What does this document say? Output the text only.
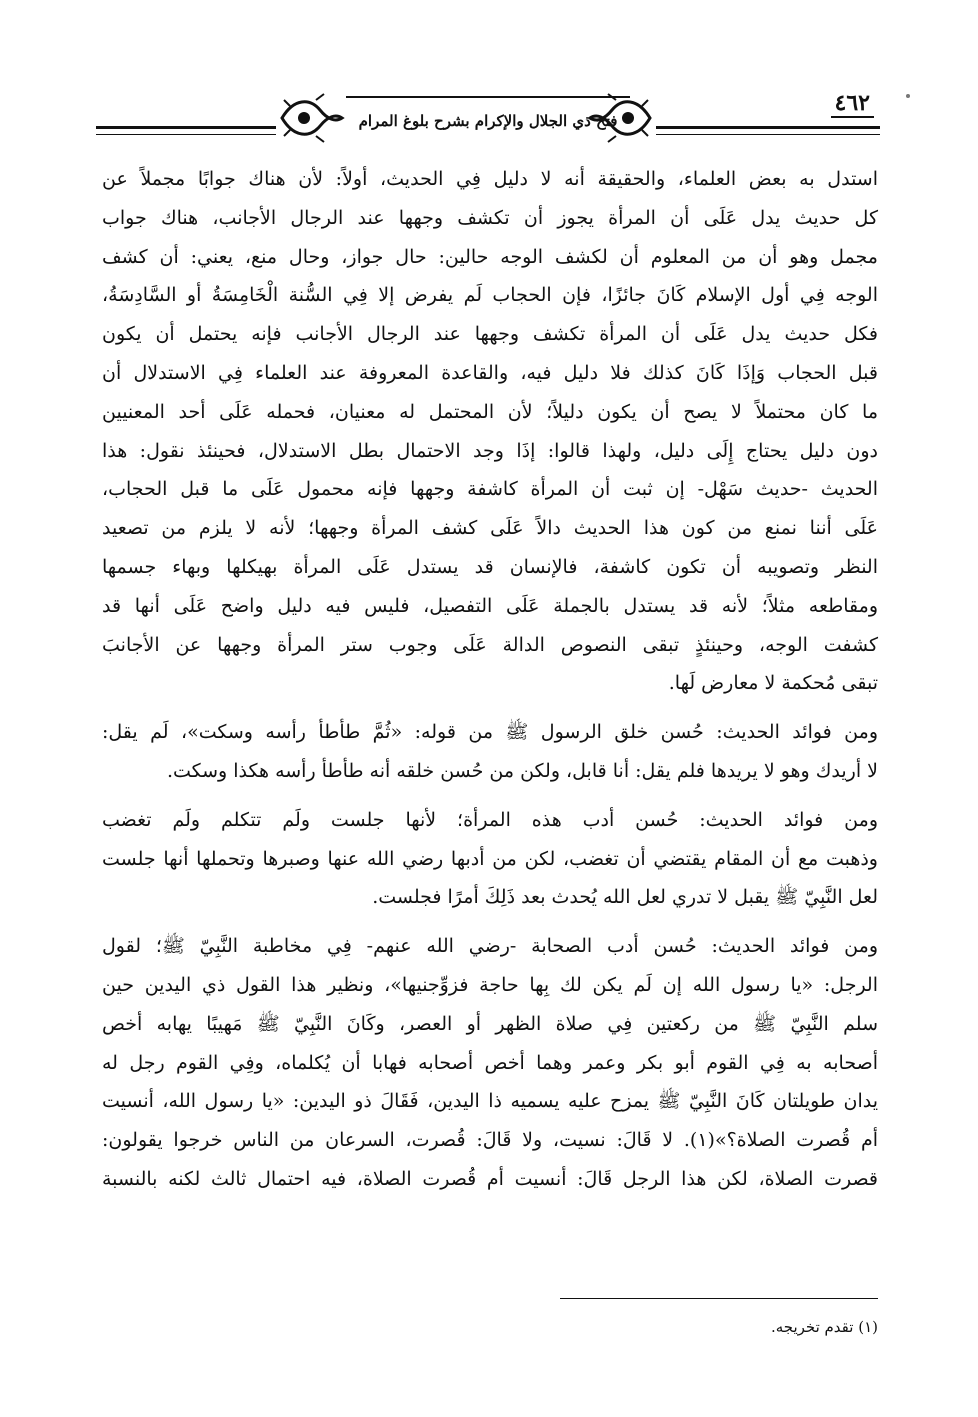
فتح ذي الجلال والإكرام بشرح بلوغ المرام
٤٦٢
استدل به بعض العلماء، والحقيقة أنه لا دليل فِي الحديث، أولاً: لأن هناك جوابًا مجملاً عن
كل حديث يدل عَلَى أن المرأة يجوز أن تكشف وجهها عند الرجال الأجانب، هناك جواب
مجمل وهو أن من المعلوم أن لكشف الوجه حالين: حال جواز، وحال منع، يعني: أن كشف
الوجه فِي أول الإسلام كَانَ جائزًا، فإن الحجاب لَم يفرض إلا فِي السُّنة الْخَامِسَةُ أو السَّادِسَةُ،
فكل حديث يدل عَلَى أن المرأة تكشف وجهها عند الرجال الأجانب فإنه يحتمل أن يكون
قبل الحجاب وَإذَا كَانَ كذلك فلا دليل فيه، والقاعدة المعروفة عند العلماء فِي الاستدلال أن
ما كان محتملاً لا يصح أن يكون دليلاً؛ لأن المحتمل له معنيان، فحمله عَلَى أحد المعنيين
دون دليل يحتاج إِلَى دليل، ولهذا قالوا: إذَا وجد الاحتمال بطل الاستدلال، فحينئذ نقول: هذا
الحديث -حديث سَهْل- إن ثبت أن المرأة كاشفة وجهها فإنه محمول عَلَى ما قبل الحجاب،
عَلَى أننا نمنع من كون هذا الحديث دالاً عَلَى كشف المرأة وجهها؛ لأنه لا يلزم من تصعيد
النظر وتصويبه أن تكون كاشفة، فالإنسان قد يستدل عَلَى المرأة بهيكلها وبهاء جسمها
ومقاطعه مثلاً؛ لأنه قد يستدل بالجملة عَلَى التفصيل، فليس فيه دليل واضح عَلَى أنها قد
كشفت الوجه، وحينئذٍ تبقى النصوص الدالة عَلَى وجوب ستر المرأة وجهها عن الأجانبَ
تبقى مُحكمة لا معارض لَها.
ومن فوائد الحديث: حُسن خلق الرسول ﷺ من قوله: «ثُمَّ طأطأ رأسه وسكت»، لَم يقل:
لا أريدك وهو لا يريدها فلم يقل: أنا قابل، ولكن من حُسن خلقه أنه طأطأ رأسه هكذا وسكت.
ومن فوائد الحديث: حُسن أدب هذه المرأة؛ لأنها جلست ولَم تتكلم ولَم تغضب
وذهبت مع أن المقام يقتضي أن تغضب، لكن من أدبها رضي الله عنها وصبرها وتحملها أنها جلست
لعل النَّبِيّ ﷺ يقبل لا تدري لعل الله يُحدث بعد ذَلِكَ أمرًا فجلست.
ومن فوائد الحديث: حُسن أدب الصحابة -رضي الله عنهم- فِي مخاطبة النَّبِيّ ﷺ؛ لقول
الرجل: «يا رسول الله إن لَم يكن لك بِها حاجة فزوِّجنيها»، ونظير هذا القول ذي اليدين حين
سلم النَّبِيّ ﷺ من ركعتين فِي صلاة الظهر أو العصر، وكَانَ النَّبِيّ ﷺ مَهيبًا يهابه أخص
أصحابه به فِي القوم أبو بكر وعمر وهما أخص أصحابه فهابا أن يُكلماه، وفِي القوم رجل له
يدان طويلتان كَانَ النَّبِيّ ﷺ يمزح عليه يسميه ذا اليدين، فَقَالَ ذو اليدين: «يا رسول الله، أنسيت
أم قُصرت الصلاة؟»(١). لا قَالَ: نسيت، ولا قَالَ: قُصرت، السرعان من الناس خرجوا يقولون:
قصرت الصلاة، لكن هذا الرجل قَالَ: أنسيت أم قُصرت الصلاة، فيه احتمال ثالث لكنه بالنسبة
(١) تقدم تخريجه.
